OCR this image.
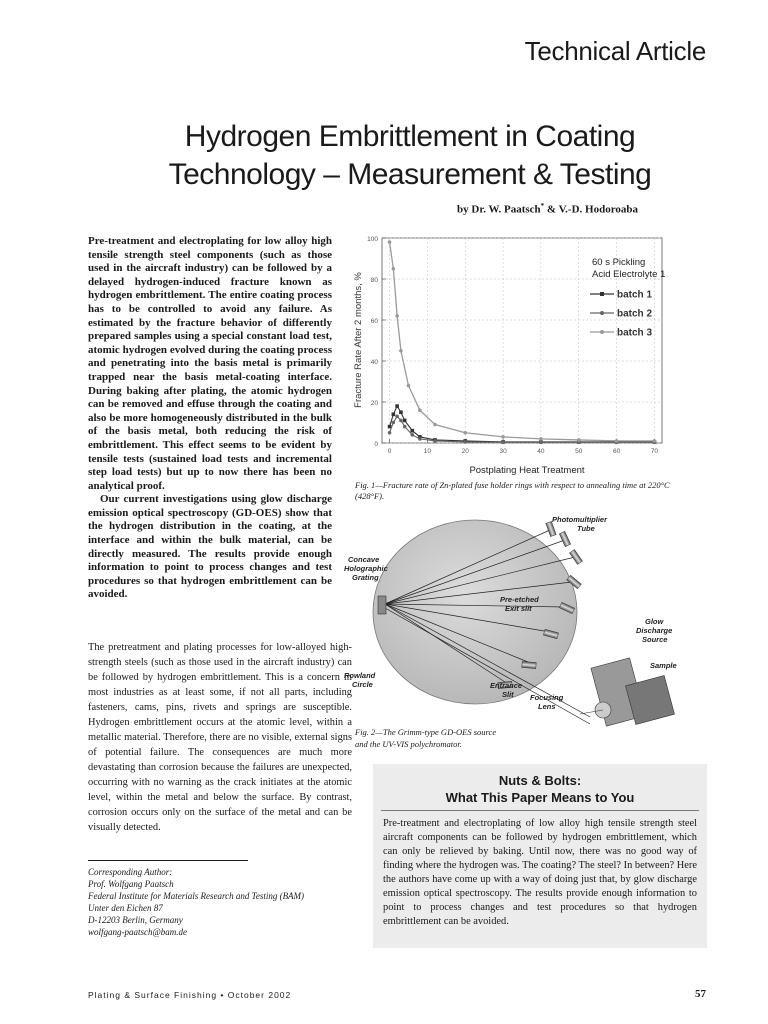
Technical Article
Hydrogen Embrittlement in Coating
Technology – Measurement & Testing
by Dr. W. Paatsch* & V.-D. Hodoroaba

Pre-treatment and electroplating for low alloy high tensile strength steel components (such as those used in the aircraft industry) can be followed by a delayed hydrogen-induced fracture known as hydrogen embrittlement. The entire coating process has to be controlled to avoid any failure. As estimated by the fracture behavior of differently prepared samples using a special constant load test, atomic hydrogen evolved during the coating process and penetrating into the basis metal is primarily trapped near the basis metal-coating interface. During baking after plating, the atomic hydrogen can be removed and effuse through the coating and also be more homogeneously distributed in the bulk of the basis metal, both reducing the risk of embrittlement. This effect seems to be evident by tensile tests (sustained load tests and incremental step load tests) but up to now there has been no analytical proof.

Our current investigations using glow discharge emission optical spectroscopy (GD-OES) show that the hydrogen distribution in the coating, at the interface and within the bulk material, can be directly measured. The results provide enough information to point to process changes and test procedures so that hydrogen embrittlement can be avoided.

The pretreatment and plating processes for low-alloyed high-strength steels (such as those used in the aircraft industry) can be followed by hydrogen embrittlement. This is a concern in most industries as at least some, if not all parts, including fasteners, cams, pins, rivets and springs are susceptible. Hydrogen embrittlement occurs at the atomic level, within a metallic material. Therefore, there are no visible, external signs of potential failure. The consequences are much more devastating than corrosion because the failures are unexpected, occurring with no warning as the crack initiates at the atomic level, within the metal and below the surface. By contrast, corrosion occurs only on the surface of the metal and can be visually detected.

Corresponding Author:
Prof. Wolfgang Paatsch
Federal Institute for Materials Research and Testing (BAM)
Unter den Eichen 87
D-12203 Berlin, Germany
wolfgang-paatsch@bam.de
0
20
40
60
80
100
0	10	20	30	40	50	60	70
Fracture Rate After 2 months, %
Postplating Heat Treatment
60 s Pickling
Acid Electrolyte 1
batch 1
batch 2
batch 3
Fig. 1—Fracture rate of Zn-plated fuse holder rings with respect to annealing time at 220°C (428°F).
Photomultiplier
Tube
Concave
Holographic
Grating
Pre-etched
Exit slit
Glow
Discharge
Source
Rowland
Circle	Entrance
Slit Focusing
Lens
Sample
Fig. 2—The Grimm-type GD-OES source
and the UV-VIS polychromator.
Nuts & Bolts:
What This Paper Means to You
Pre-treatment and electroplating of low alloy high tensile strength steel aircraft components can be followed by hydrogen embrittlement, which can only be relieved by baking. Until now, there was no good way of finding where the hydrogen was. The coating? The steel? In between? Here the authors have come up with a way of doing just that, by glow discharge emission optical spectroscopy. The results provide enough information to point to process changes and test procedures so that hydrogen embrittlement can be avoided.
Plating & Surface Finishing • October 2002	57
